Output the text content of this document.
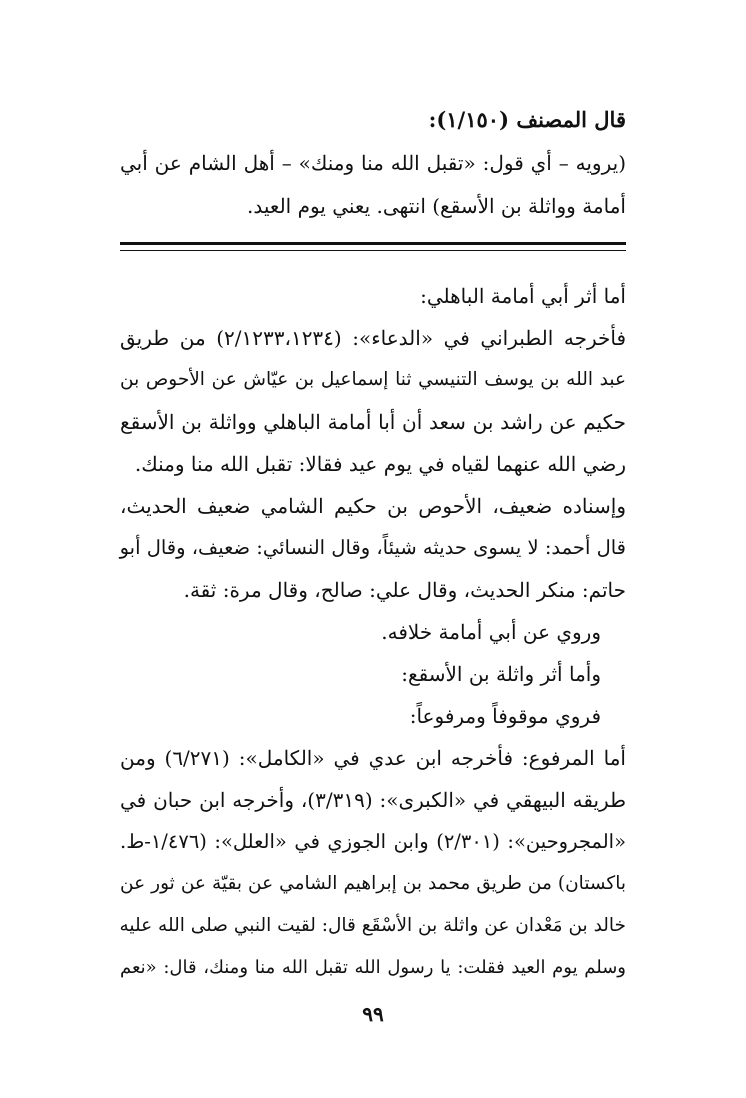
قال المصنف (١/١٥٠):
(يرويه – أي قول: «تقبل الله منا ومنك» – أهل الشام عن أبي
أمامة وواثلة بن الأسقع) انتهى. يعني يوم العيد.
أما أثر أبي أمامة الباهلي:
فأخرجه الطبراني في «الدعاء»: (٢/١٢٣٣،١٢٣٤) من طريق
عبد الله بن يوسف التنيسي ثنا إسماعيل بن عيّاش عن الأحوص بن
حكيم عن راشد بن سعد أن أبا أمامة الباهلي وواثلة بن الأسقع
رضي الله عنهما لقياه في يوم عيد فقالا: تقبل الله منا ومنك.
وإسناده ضعيف، الأحوص بن حكيم الشامي ضعيف الحديث،
قال أحمد: لا يسوى حديثه شيئاً، وقال النسائي: ضعيف، وقال أبو
حاتم: منكر الحديث، وقال علي: صالح، وقال مرة: ثقة.
وروي عن أبي أمامة خلافه.
وأما أثر واثلة بن الأسقع:
فروي موقوفاً ومرفوعاً:
أما المرفوع: فأخرجه ابن عدي في «الكامل»: (٦/٢٧١) ومن
طريقه البيهقي في «الكبرى»: (٣/٣١٩)، وأخرجه ابن حبان في
«المجروحين»: (٢/٣٠١) وابن الجوزي في «العلل»: (١/٤٧٦-ط.
باكستان) من طريق محمد بن إبراهيم الشامي عن بقيّة عن ثور عن
خالد بن مَعْدان عن واثلة بن الأسْقَع قال: لقيت النبي صلى الله عليه
وسلم يوم العيد فقلت: يا رسول الله تقبل الله منا ومنك، قال: «نعم
٩٩
